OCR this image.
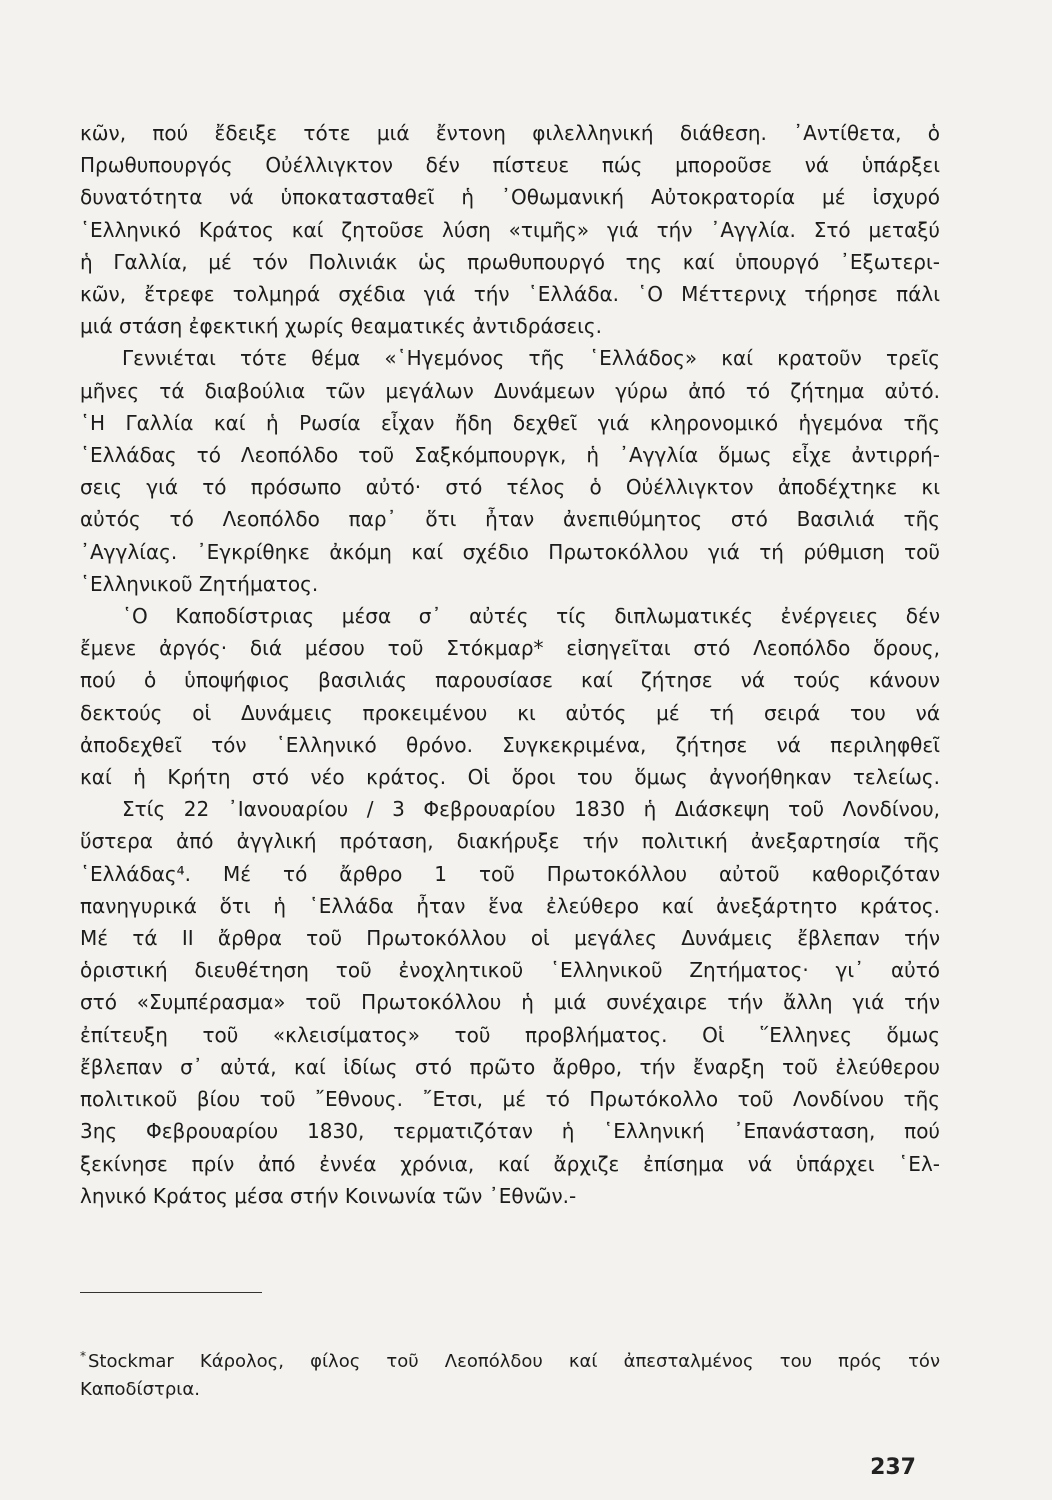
κῶν, πού ἔδειξε τότε μιά ἔντονη φιλελληνική διάθεση. ᾿Αντίθετα, ὁ
Πρωθυπουργός Οὐέλλιγκτον δέν πίστευε πώς μποροῦσε νά ὑπάρξει
δυνατότητα νά ὑποκατασταθεῖ ἡ ᾿Οθωμανική Αὐτοκρατορία μέ ἰσχυρό
῾Ελληνικό Κράτος καί ζητοῦσε λύση «τιμῆς» γιά τήν ᾿Αγγλία. Στό μεταξύ
ἡ Γαλλία, μέ τόν Πολινιάκ ὡς πρωθυπουργό της καί ὑπουργό ᾿Εξωτερι-
κῶν, ἔτρεφε τολμηρά σχέδια γιά τήν ῾Ελλάδα. ῾Ο Μέττερνιχ τήρησε πάλι
μιά στάση ἐφεκτική χωρίς θεαματικές ἀντιδράσεις.
Γεννιέται τότε θέμα «῾Ηγεμόνος τῆς ῾Ελλάδος» καί κρατοῦν τρεῖς
μῆνες τά διαβούλια τῶν μεγάλων Δυνάμεων γύρω ἀπό τό ζήτημα αὐτό.
῾Η Γαλλία καί ἡ Ρωσία εἶχαν ἤδη δεχθεῖ γιά κληρονομικό ἡγεμόνα τῆς
῾Ελλάδας τό Λεοπόλδο τοῦ Σαξκόμπουργκ, ἡ ᾿Αγγλία ὅμως εἶχε ἀντιρρή-
σεις γιά τό πρόσωπο αὐτό· στό τέλος ὁ Οὐέλλιγκτον ἀποδέχτηκε κι
αὐτός τό Λεοπόλδο παρ᾿ ὅτι ἦταν ἀνεπιθύμητος στό Βασιλιά τῆς
᾿Αγγλίας. ᾿Εγκρίθηκε ἀκόμη καί σχέδιο Πρωτοκόλλου γιά τή ρύθμιση τοῦ
῾Ελληνικοῦ Ζητήματος.
῾Ο Καποδίστριας μέσα σ᾿ αὐτές τίς διπλωματικές ἐνέργειες δέν
ἔμενε ἀργός· διά μέσου τοῦ Στόκμαρ* εἰσηγεῖται στό Λεοπόλδο ὅρους,
πού ὁ ὑποψήφιος βασιλιάς παρουσίασε καί ζήτησε νά τούς κάνουν
δεκτούς οἱ Δυνάμεις προκειμένου κι αὐτός μέ τή σειρά του νά
ἀποδεχθεῖ τόν ῾Ελληνικό θρόνο. Συγκεκριμένα, ζήτησε νά περιληφθεῖ
καί ἡ Κρήτη στό νέο κράτος. Οἱ ὅροι του ὅμως ἀγνοήθηκαν τελείως.
Στίς 22 ᾿Ιανουαρίου / 3 Φεβρουαρίου 1830 ἡ Διάσκεψη τοῦ Λονδίνου,
ὕστερα ἀπό ἀγγλική πρόταση, διακήρυξε τήν πολιτική ἀνεξαρτησία τῆς
῾Ελλάδας⁴. Μέ τό ἄρθρο 1 τοῦ Πρωτοκόλλου αὐτοῦ καθοριζόταν
πανηγυρικά ὅτι ἡ ῾Ελλάδα ἦταν ἕνα ἐλεύθερο καί ἀνεξάρτητο κράτος.
Μέ τά ΙΙ ἄρθρα τοῦ Πρωτοκόλλου οἱ μεγάλες Δυνάμεις ἔβλεπαν τήν
ὁριστική διευθέτηση τοῦ ἐνοχλητικοῦ ῾Ελληνικοῦ Ζητήματος· γι᾿ αὐτό
στό «Συμπέρασμα» τοῦ Πρωτοκόλλου ἡ μιά συνέχαιρε τήν ἄλλη γιά τήν
ἐπίτευξη τοῦ «κλεισίματος» τοῦ προβλήματος. Οἱ ῞Ελληνες ὅμως
ἔβλεπαν σ᾿ αὐτά, καί ἰδίως στό πρῶτο ἄρθρο, τήν ἔναρξη τοῦ ἐλεύθερου
πολιτικοῦ βίου τοῦ ῎Εθνους. ῎Ετσι, μέ τό Πρωτόκολλο τοῦ Λονδίνου τῆς
3ης Φεβρουαρίου 1830, τερματιζόταν ἡ ῾Ελληνική ᾿Επανάσταση, πού
ξεκίνησε πρίν ἀπό ἐννέα χρόνια, καί ἄρχιζε ἐπίσημα νά ὑπάρχει ῾Ελ-
ληνικό Κράτος μέσα στήν Κοινωνία τῶν ᾿Εθνῶν.-
* Stockmar Κάρολος, φίλος τοῦ Λεοπόλδου καί ἀπεσταλμένος του πρός τόν
Καποδίστρια.
237
